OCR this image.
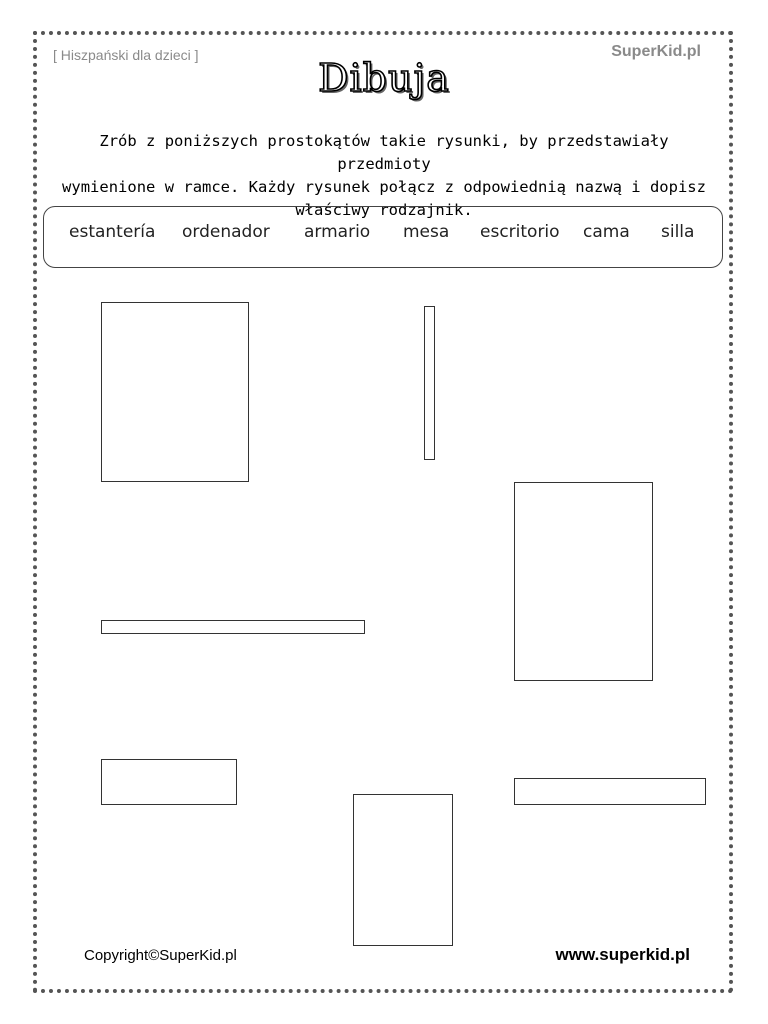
[ Hiszpański dla dzieci ]	SuperKid.pl
Dibuja
Zrób z poniższych prostokątów takie rysunki, by przedstawiały przedmioty
wymienione w ramce. Każdy rysunek połącz z odpowiednią nazwą i dopisz
właściwy rodzajnik.
estantería ordenador armario mesa escritorio cama silla
Copyright©SuperKid.pl	www.superkid.pl
